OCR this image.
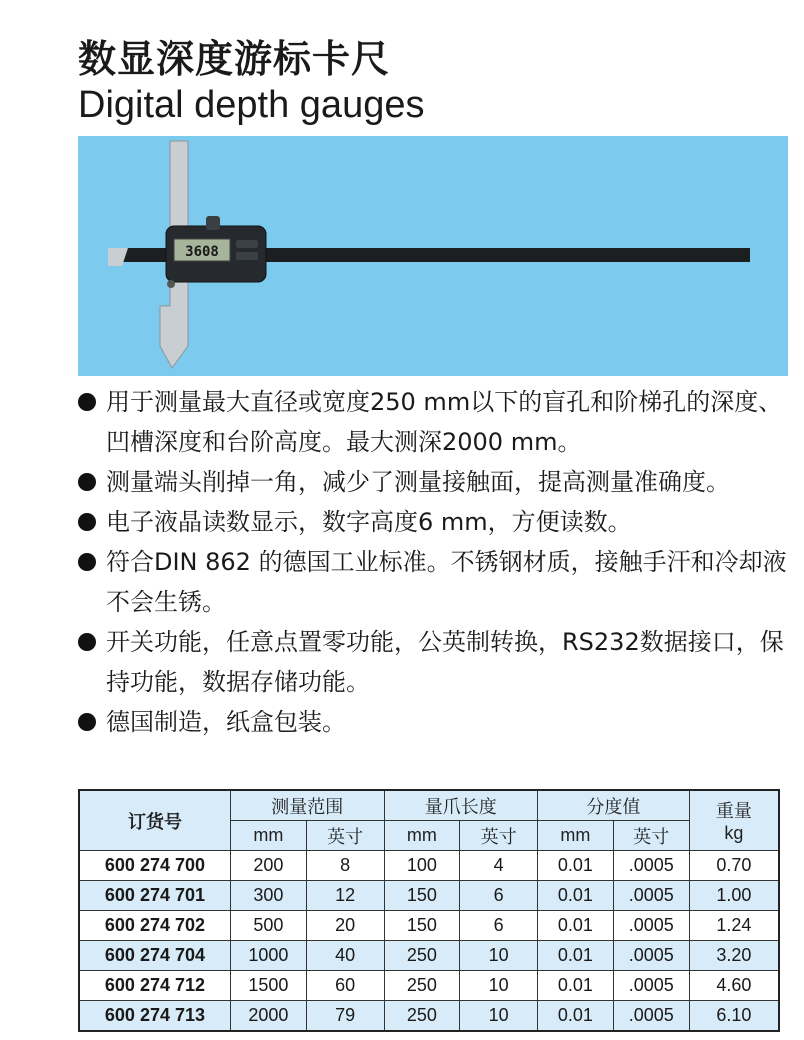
数显深度游标卡尺
Digital depth gauges
3608

用于测量最大直径或宽度250 mm以下的盲孔和阶梯孔的深度、凹槽深度和台阶高度。最大测深2000 mm。

测量端头削掉一角，减少了测量接触面，提高测量准确度。

电子液晶读数显示，数字高度6 mm，方便读数。

符合DIN 862 的德国工业标准。不锈钢材质，接触手汗和冷却液不会生锈。

开关功能，任意点置零功能，公英制转换，RS232数据接口，保持功能，数据存储功能。

德国制造，纸盒包装。

订货号	测量范围		量爪长度		分度值		重量
kg

	mm	英寸	mm	英寸	mm	英寸	
600 274 700	200	8	100	4	0.01	.0005	0.70
600 274 701	300	12	150	6	0.01	.0005	1.00
600 274 702	500	20	150	6	0.01	.0005	1.24
600 274 704	1000	40	250	10	0.01	.0005	3.20
600 274 712	1500	60	250	10	0.01	.0005	4.60
600 274 713	2000	79	250	10	0.01	.0005	6.10
